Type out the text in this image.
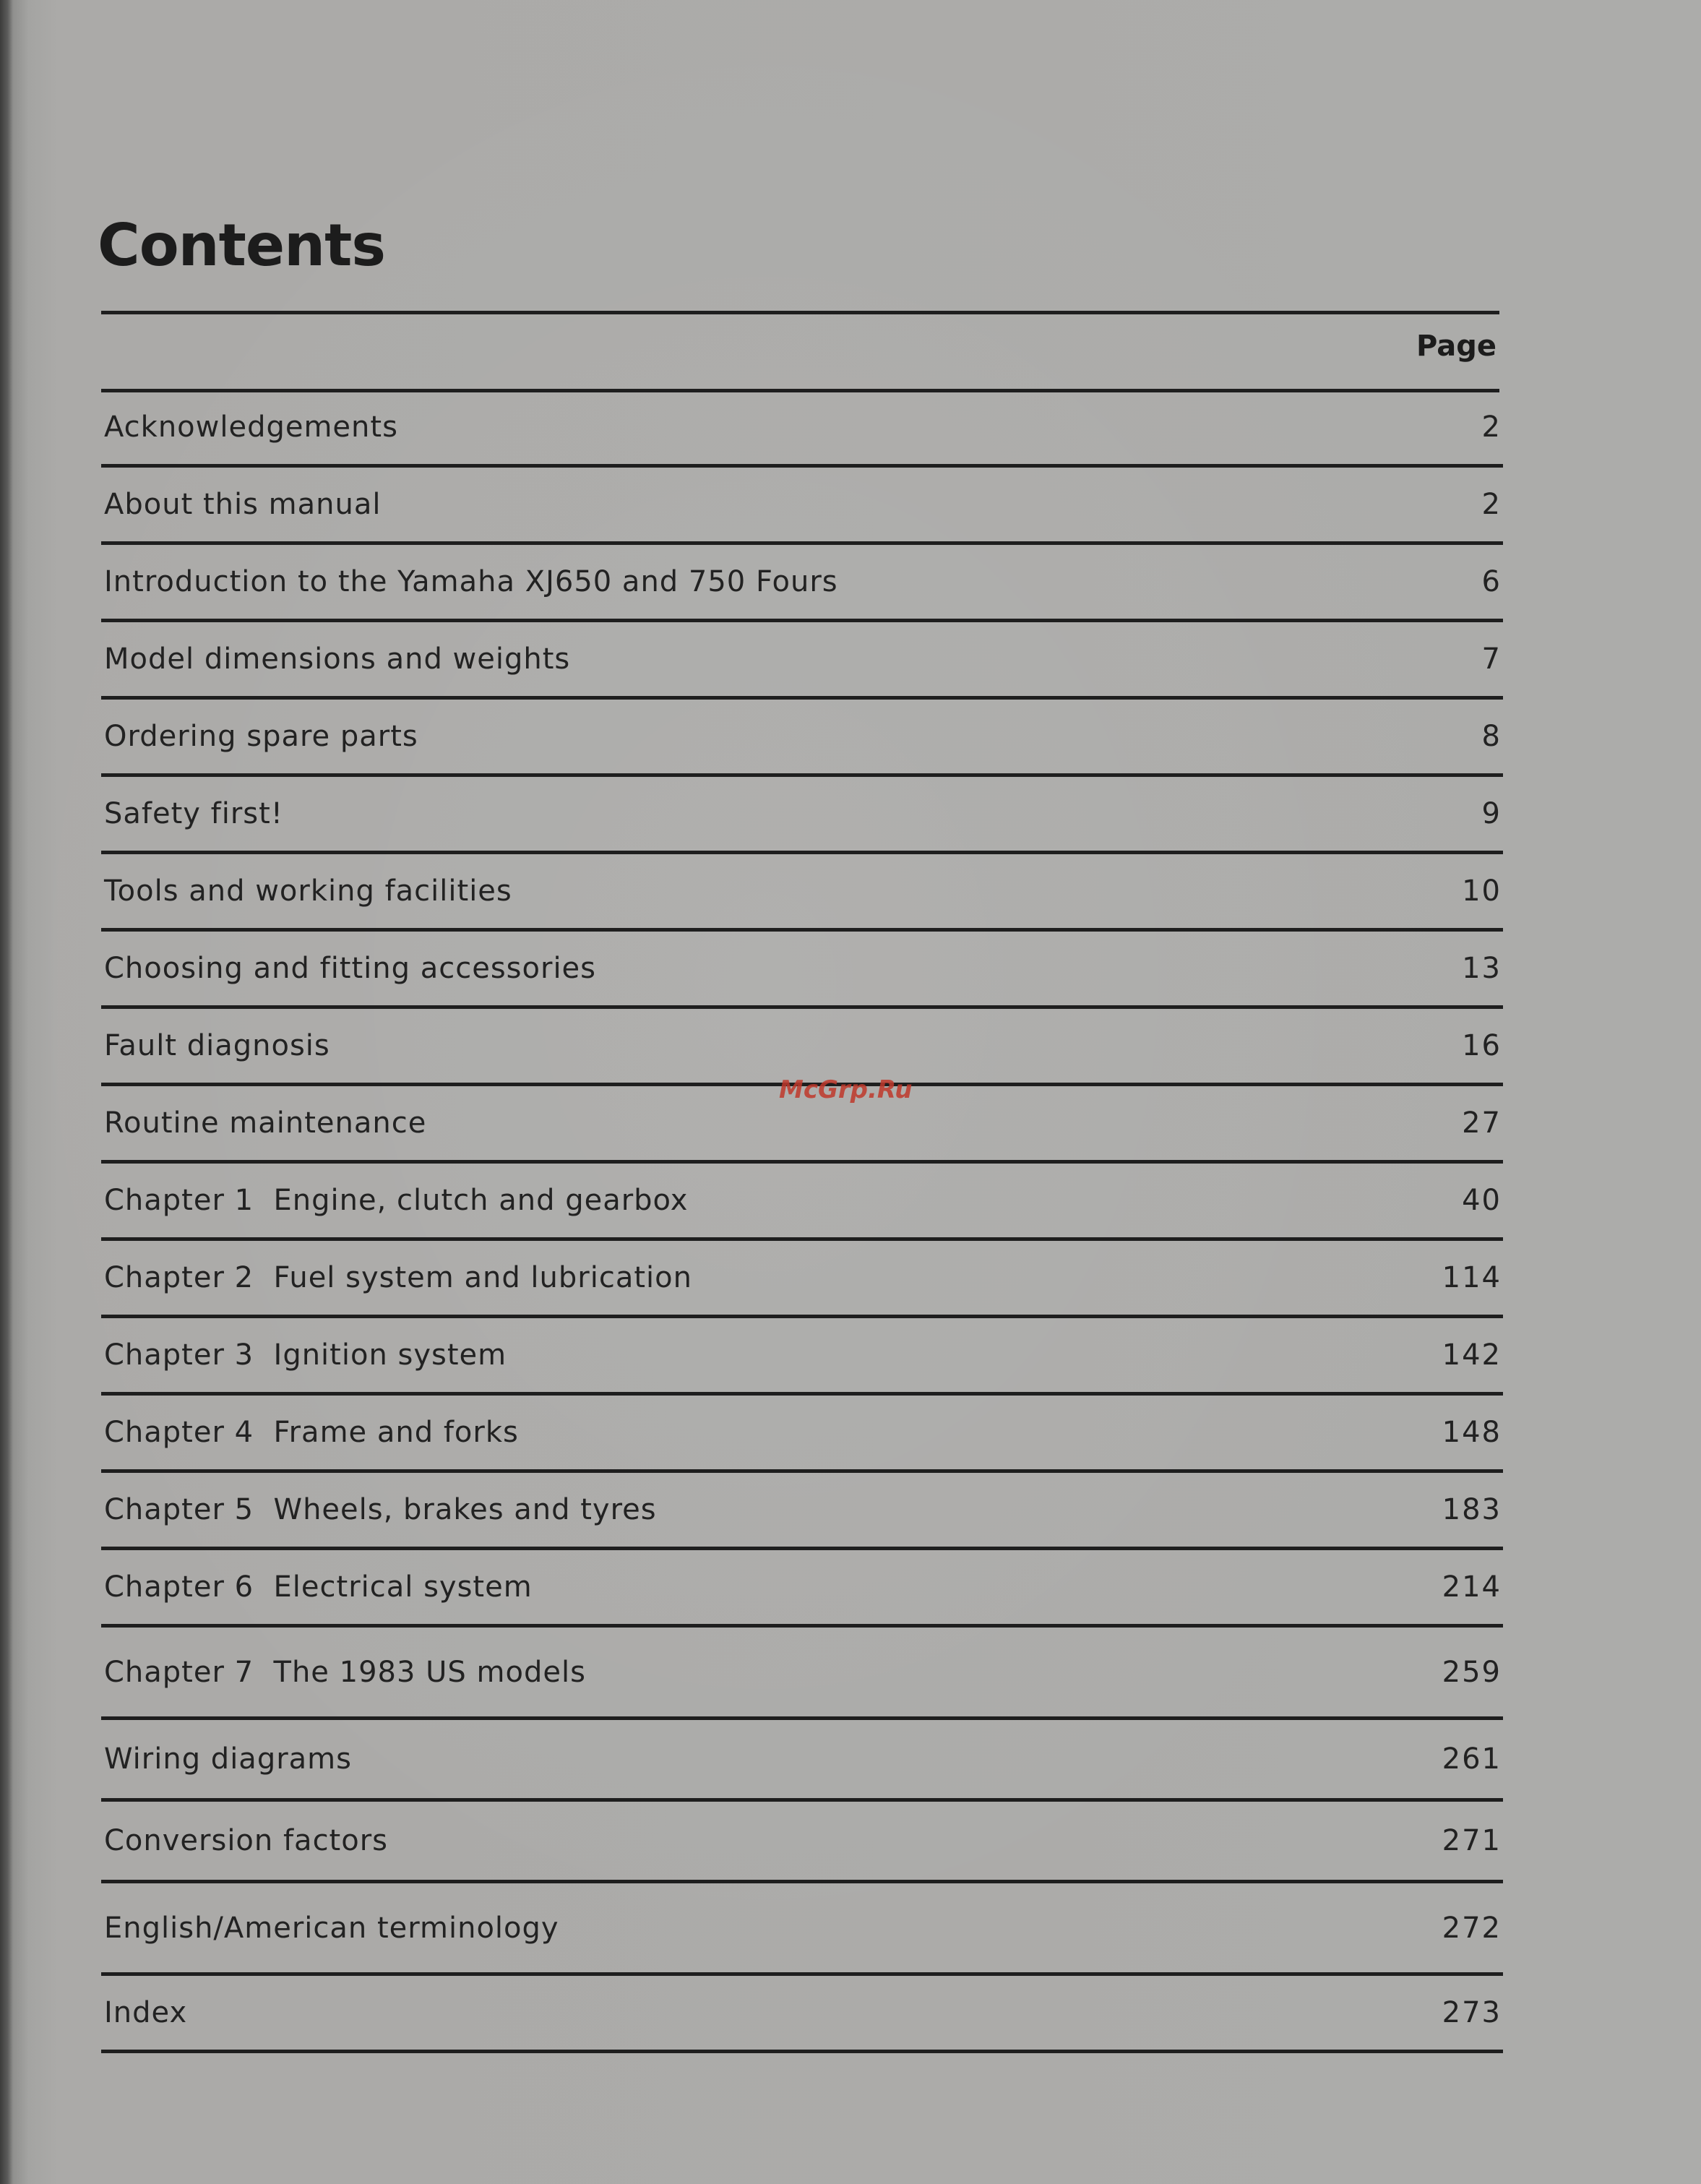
Contents
Page
Acknowledgements	2
About this manual	2
Introduction to the Yamaha XJ650 and 750 Fours	6
Model dimensions and weights	7
Ordering spare parts	8
Safety first!	9
Tools and working facilities	10
Choosing and fitting accessories	13
Fault diagnosis	16
Routine maintenance	27
Chapter 1  Engine, clutch and gearbox	40
Chapter 2  Fuel system and lubrication	114
Chapter 3  Ignition system	142
Chapter 4  Frame and forks	148
Chapter 5  Wheels, brakes and tyres	183
Chapter 6  Electrical system	214
Chapter 7  The 1983 US models	259
Wiring diagrams	261
Conversion factors	271
English/American terminology	272
Index	273
McGrp.Ru
